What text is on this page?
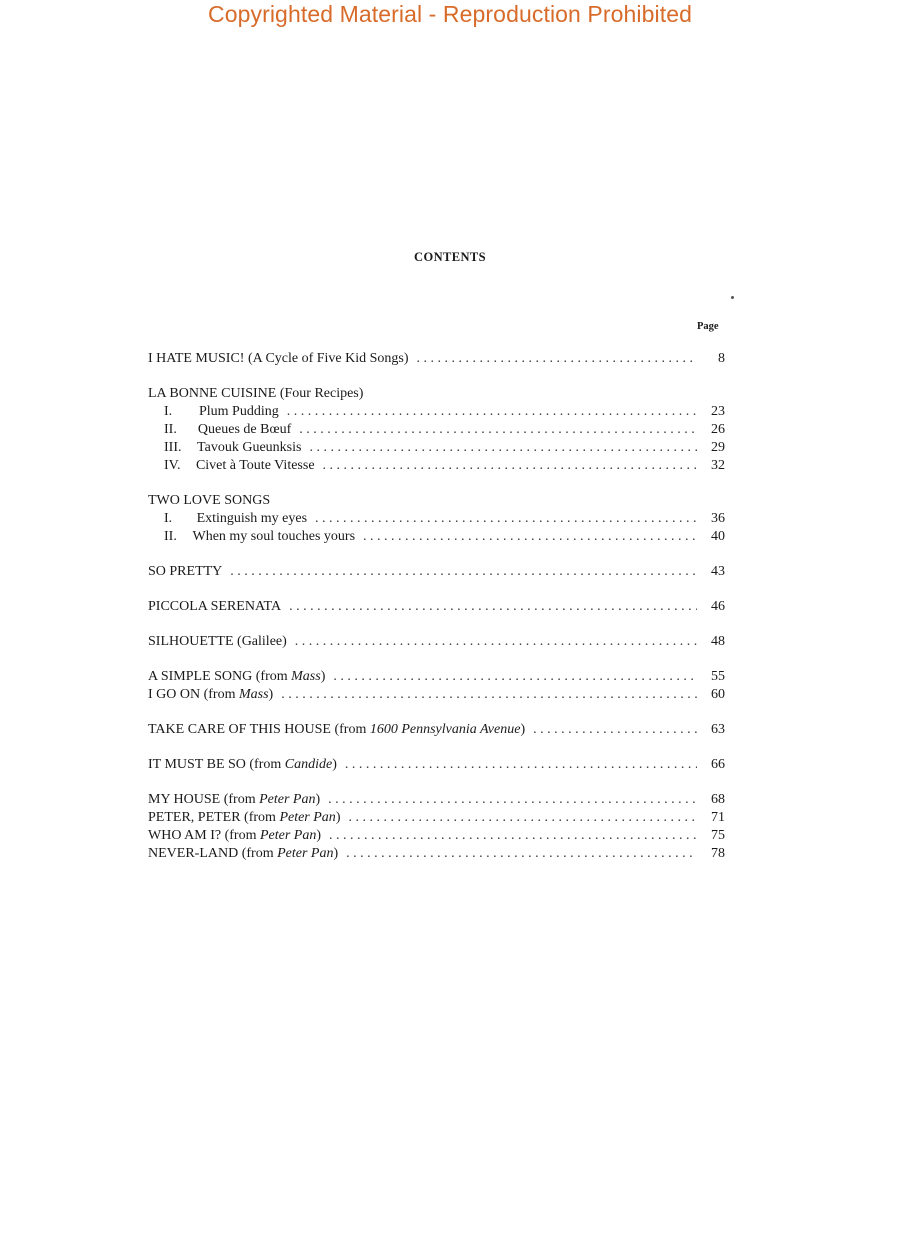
Copyrighted Material - Reproduction Prohibited
CONTENTS
Page
I HATE MUSIC! (A Cycle of Five Kid Songs) . . .	8
LA BONNE CUISINE (Four Recipes)
I.	Plum Pudding . . .	23
II.	Queues de Bœuf . . .	26
III.	Tavouk Gueunksis . . .	29
IV.	Civet à Toute Vitesse . . .	32
TWO LOVE SONGS
I.	Extinguish my eyes . . .	36
II.	When my soul touches yours . . .	40
SO PRETTY . . .	43
PICCOLA SERENATA . . .	46
SILHOUETTE (Galilee) . . .	48
A SIMPLE SONG (from Mass) . . .	55
I GO ON (from Mass) . . .	60
TAKE CARE OF THIS HOUSE (from 1600 Pennsylvania Avenue) . . .	63
IT MUST BE SO (from Candide) . . .	66
MY HOUSE (from Peter Pan) . . .	68
PETER, PETER (from Peter Pan) . . .	71
WHO AM I? (from Peter Pan) . . .	75
NEVER-LAND (from Peter Pan) . . .	78
